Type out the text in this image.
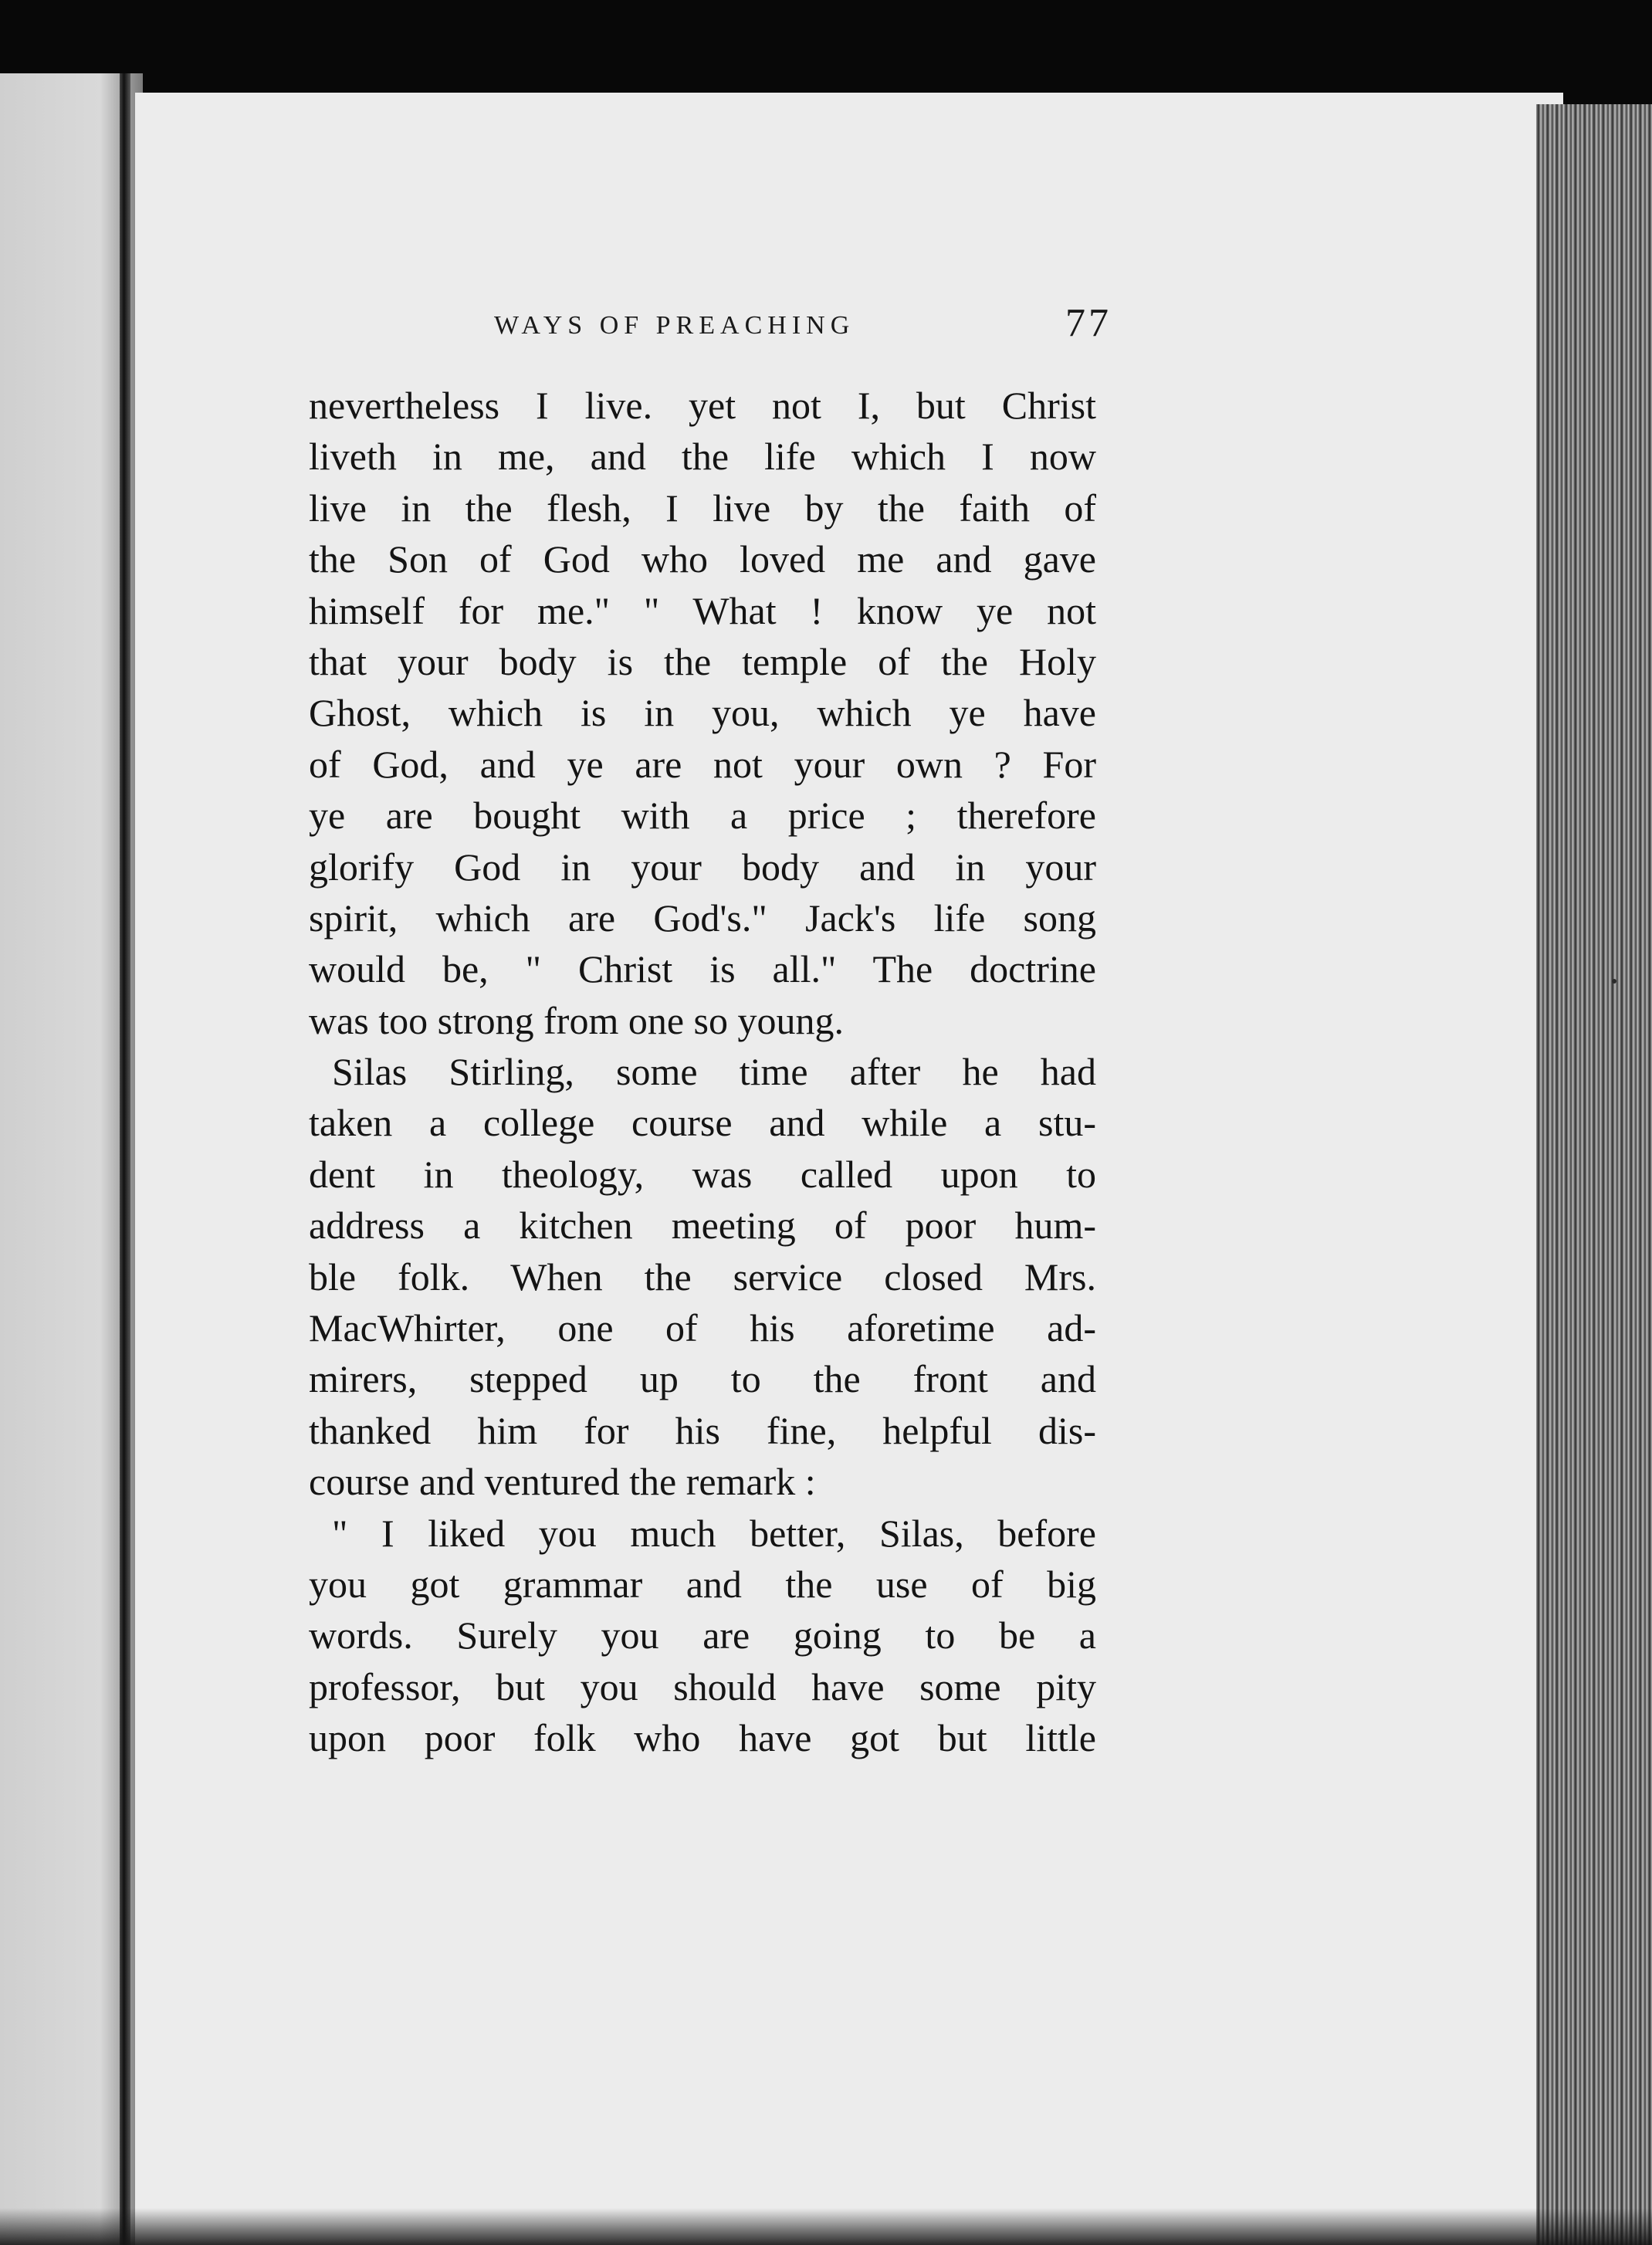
WAYS OF PREACHING	77
nevertheless I live. yet not I, but Christ
liveth in me, and the life which I now
live in the flesh, I live by the faith of
the Son of God who loved me and gave
himself for me." " What ! know ye not
that your body is the temple of the Holy
Ghost, which is in you, which ye have
of God, and ye are not your own ? For
ye are bought with a price ; therefore
glorify God in your body and in your
spirit, which are God's." Jack's life song
would be, " Christ is all." The doctrine
was too strong from one so young.
Silas Stirling, some time after he had
taken a college course and while a stu-
dent in theology, was called upon to
address a kitchen meeting of poor hum-
ble folk. When the service closed Mrs.
MacWhirter, one of his aforetime ad-
mirers, stepped up to the front and
thanked him for his fine, helpful dis-
course and ventured the remark :
" I liked you much better, Silas, before
you got grammar and the use of big
words. Surely you are going to be a
professor, but you should have some pity
upon poor folk who have got but little
